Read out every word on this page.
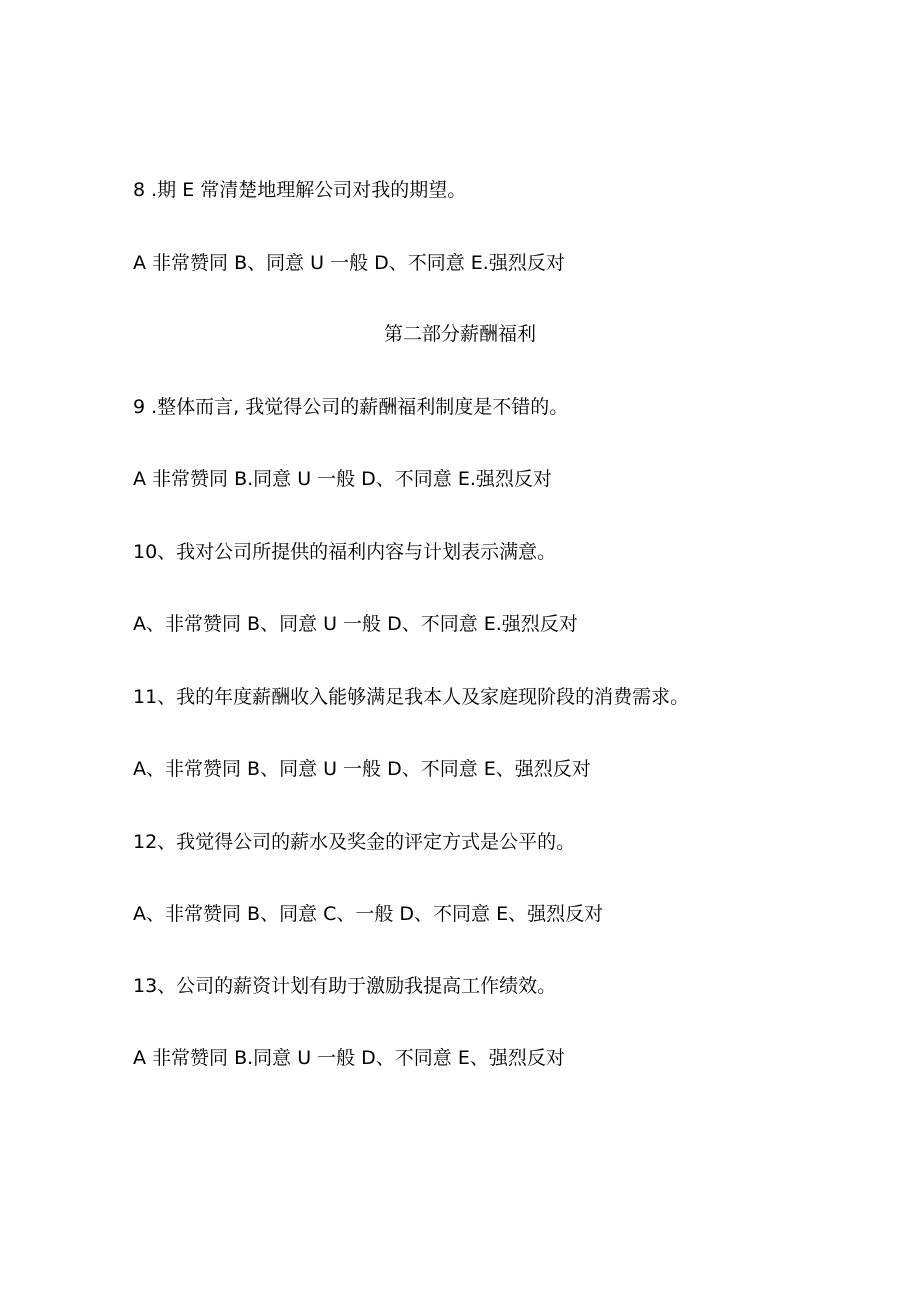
8 .期 E 常清楚地理解公司对我的期望。
A 非常赞同 B、同意 U 一般 D、不同意 E.强烈反对
第二部分薪酬福利
9 .整体而言, 我觉得公司的薪酬福利制度是不错的。
A 非常赞同 B.同意 U 一般 D、不同意 E.强烈反对
10、我对公司所提供的福利内容与计划表示满意。
A、非常赞同 B、同意 U 一般 D、不同意 E.强烈反对
11、我的年度薪酬收入能够满足我本人及家庭现阶段的消费需求。
A、非常赞同 B、同意 U 一般 D、不同意 E、强烈反对
12、我觉得公司的薪水及奖金的评定方式是公平的。
A、非常赞同 B、同意 C、一般 D、不同意 E、强烈反对
13、公司的薪资计划有助于激励我提高工作绩效。
A 非常赞同 B.同意 U 一般 D、不同意 E、强烈反对
